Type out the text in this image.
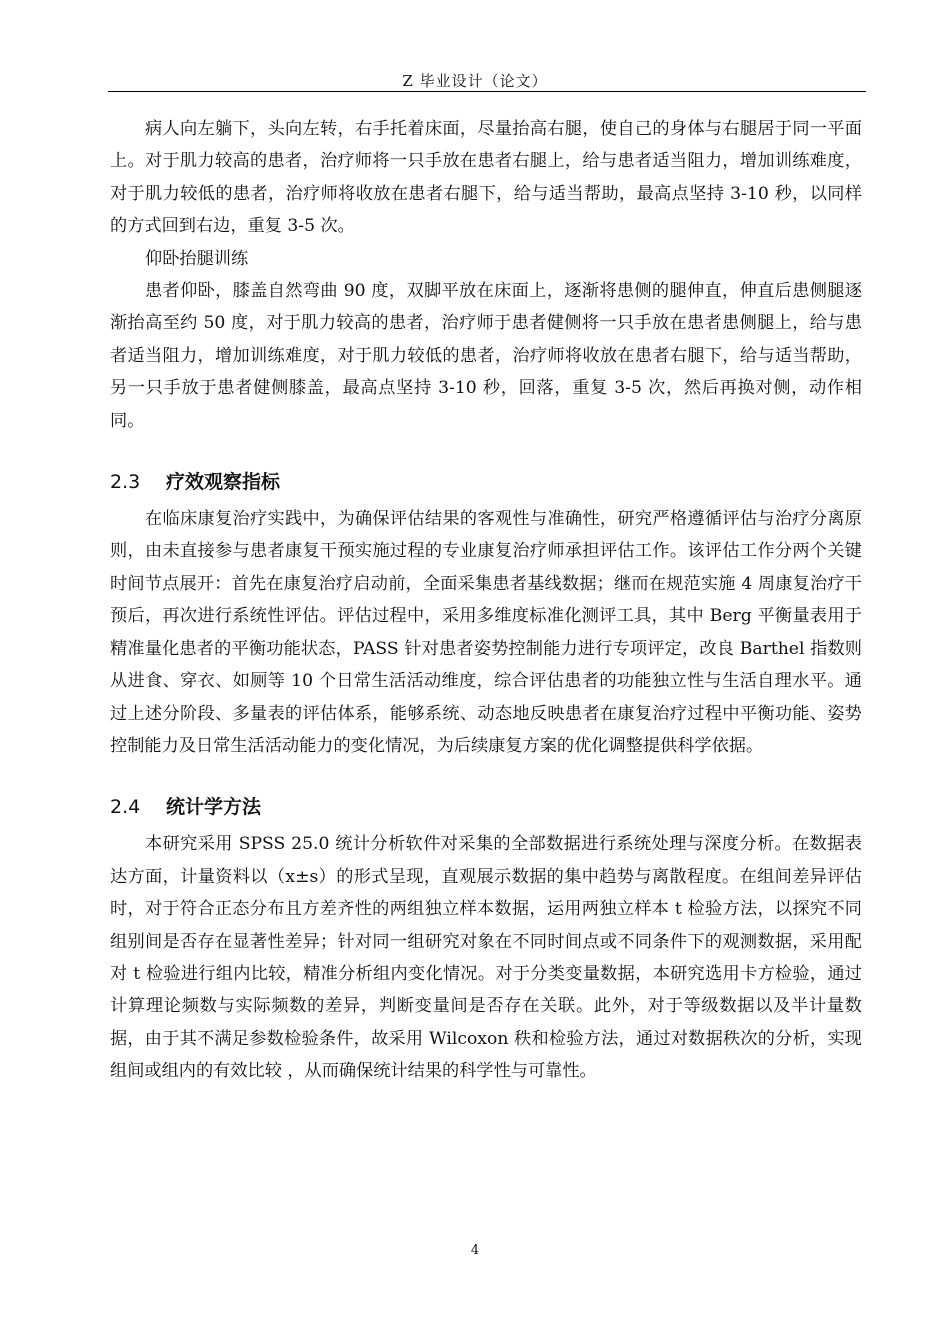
Z 毕业设计（论文）

病人向左躺下，头向左转，右手托着床面，尽量抬高右腿，使自己的身体与右腿居于同一平面上。对于肌力较高的患者，治疗师将一只手放在患者右腿上，给与患者适当阻力，增加训练难度，对于肌力较低的患者，治疗师将收放在患者右腿下，给与适当帮助，最高点坚持 3-10 秒，以同样的方式回到右边，重复 3-5 次。

仰卧抬腿训练

患者仰卧，膝盖自然弯曲 90 度，双脚平放在床面上，逐渐将患侧的腿伸直，伸直后患侧腿逐渐抬高至约 50 度，对于肌力较高的患者，治疗师于患者健侧将一只手放在患者患侧腿上，给与患者适当阻力，增加训练难度，对于肌力较低的患者，治疗师将收放在患者右腿下，给与适当帮助，另一只手放于患者健侧膝盖，最高点坚持 3-10 秒，回落，重复 3-5 次，然后再换对侧，动作相同。

2.3 疗效观察指标

在临床康复治疗实践中，为确保评估结果的客观性与准确性，研究严格遵循评估与治疗分离原则，由未直接参与患者康复干预实施过程的专业康复治疗师承担评估工作。该评估工作分两个关键时间节点展开：首先在康复治疗启动前，全面采集患者基线数据；继而在规范实施 4 周康复治疗干预后，再次进行系统性评估。评估过程中，采用多维度标准化测评工具，其中 Berg 平衡量表用于精准量化患者的平衡功能状态，PASS 针对患者姿势控制能力进行专项评定，改良 Barthel 指数则从进食、穿衣、如厕等 10 个日常生活活动维度，综合评估患者的功能独立性与生活自理水平。通过上述分阶段、多量表的评估体系，能够系统、动态地反映患者在康复治疗过程中平衡功能、姿势控制能力及日常生活活动能力的变化情况，为后续康复方案的优化调整提供科学依据。

2.4 统计学方法

本研究采用 SPSS 25.0 统计分析软件对采集的全部数据进行系统处理与深度分析。在数据表达方面，计量资料以（x±s）的形式呈现，直观展示数据的集中趋势与离散程度。在组间差异评估时，对于符合正态分布且方差齐性的两组独立样本数据，运用两独立样本 t 检验方法，以探究不同组别间是否存在显著性差异；针对同一组研究对象在不同时间点或不同条件下的观测数据，采用配对 t 检验进行组内比较，精准分析组内变化情况。对于分类变量数据，本研究选用卡方检验，通过计算理论频数与实际频数的差异，判断变量间是否存在关联。此外，对于等级数据以及半计量数据，由于其不满足参数检验条件，故采用 Wilcoxon 秩和检验方法，通过对数据秩次的分析，实现组间或组内的有效比较 ，从而确保统计结果的科学性与可靠性。

4
